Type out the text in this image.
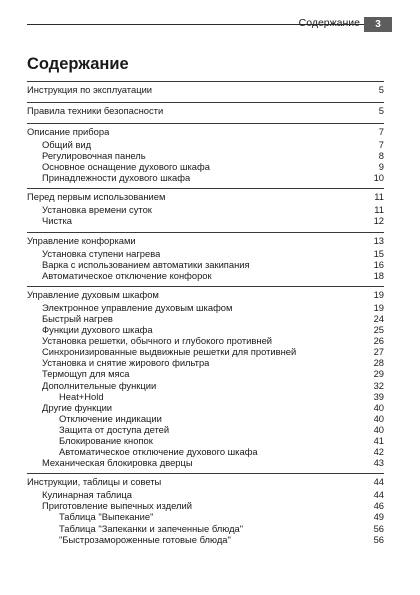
Содержание	3
Содержание
Инструкция по эксплуатации	5
Правила техники безопасности	5
Описание прибора	7
Общий вид	7
Регулировочная панель	8
Основное оснащение духового шкафа	9
Принадлежности духового шкафа	10
Перед первым использованием	11
Установка времени суток	11
Чистка	12
Управление конфорками	13
Установка ступени нагрева	15
Варка с использованием автоматики закипания	16
Автоматическое отключение конфорок	18
Управление духовым шкафом	19
Электронное управление духовым шкафом	19
Быстрый нагрев	24
Функции духового шкафа	25
Установка решетки, обычного и глубокого противней	26
Синхронизированные выдвижные решетки для противней	27
Установка и снятие жирового фильтра	28
Термощуп для мяса	29
Дополнительные функции	32
Heat+Hold	39
Другие функции	40
Отключение индикации	40
Защита от доступа детей	40
Блокирование кнопок	41
Автоматическое отключение духового шкафа	42
Механическая блокировка дверцы	43
Инструкции, таблицы и советы	44
Кулинарная таблица	44
Приготовление выпечных изделий	46
Таблица "Выпекание"	49
Таблица "Запеканки и запеченные блюда"	56
"Быстрозамороженные готовые блюда"	56
